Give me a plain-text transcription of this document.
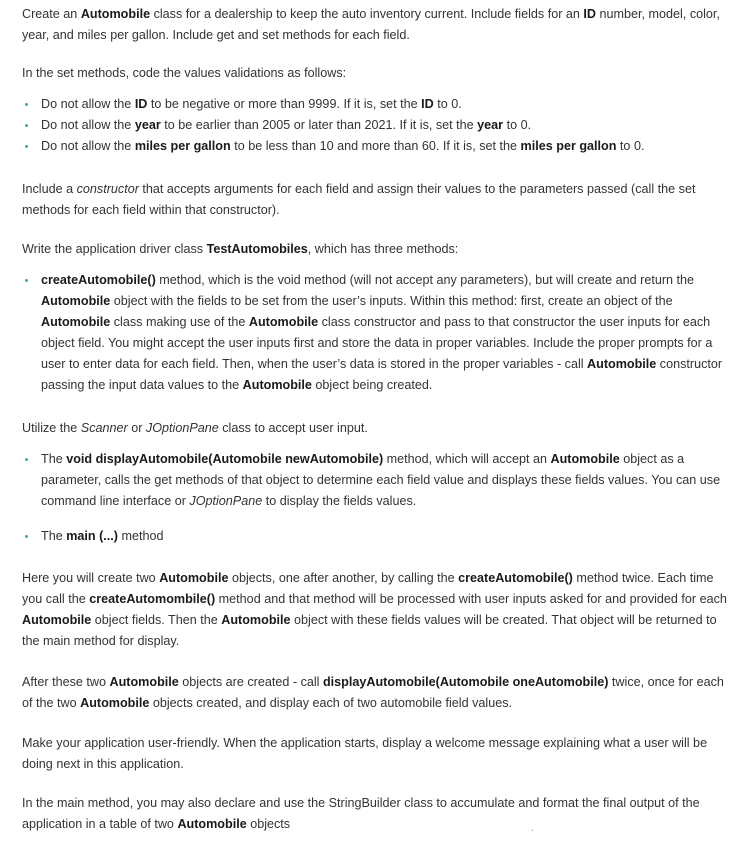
Create an Automobile class for a dealership to keep the auto inventory current. Include fields for an ID number, model, color, year, and miles per gallon. Include get and set methods for each field.

In the set methods, code the values validations as follows:

Do not allow the ID to be negative or more than 9999. If it is, set the ID to 0.
Do not allow the year to be earlier than 2005 or later than 2021. If it is, set the year to 0.
Do not allow the miles per gallon to be less than 10 and more than 60. If it is, set the miles per gallon to 0.

Include a constructor that accepts arguments for each field and assign their values to the parameters passed (call the set methods for each field within that constructor).

Write the application driver class TestAutomobiles, which has three methods:

createAutomobile() method, which is the void method (will not accept any parameters), but will create and return the Automobile object with the fields to be set from the user’s inputs. Within this method: first, create an object of the Automobile class making use of the Automobile class constructor and pass to that constructor the user inputs for each object field. You might accept the user inputs first and store the data in proper variables. Include the proper prompts for a user to enter data for each field. Then, when the user’s data is stored in the proper variables - call Automobile constructor passing the input data values to the Automobile object being created.

Utilize the Scanner or JOptionPane class to accept user input.

The void displayAutomobile(Automobile newAutomobile) method, which will accept an Automobile object as a parameter, calls the get methods of that object to determine each field value and displays these fields values. You can use command line interface or JOptionPane to display the fields values.
The main (...) method

Here you will create two Automobile objects, one after another, by calling the createAutomobile() method twice. Each time you call the createAutomombile() method and that method will be processed with user inputs asked for and provided for each Automobile object fields. Then the Automobile object with these fields values will be created. That object will be returned to the main method for display.

After these two Automobile objects are created - call displayAutomobile(Automobile oneAutomobile) twice, once for each of the two Automobile objects created, and display each of two automobile field values.

Make your application user-friendly. When the application starts, display a welcome message explaining what a user will be doing next in this application.

In the main method, you may also declare and use the StringBuilder class to accumulate and format the final output of the application in a table of two Automobile objects	.
